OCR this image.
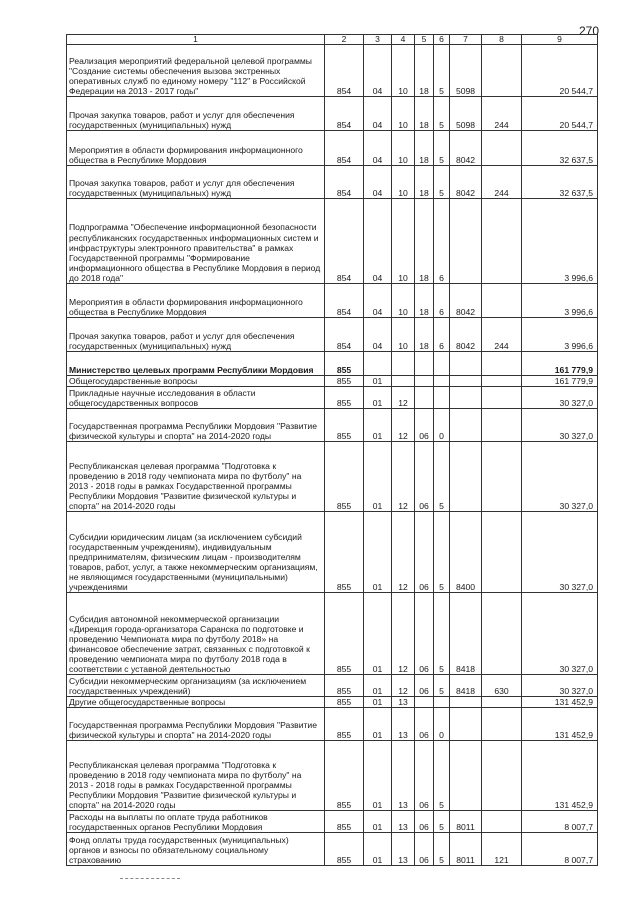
270
1	2	3	4	5	6	7	8	9
Реализация мероприятий федеральной целевой программы "Создание системы обеспечения вызова экстренных оперативных служб по единому номеру "112" в Российской Федерации на 2013 - 2017 годы"	854	04	10	18	5	5098		20 544,7
Прочая закупка товаров, работ и услуг для обеспечения государственных (муниципальных) нужд	854	04	10	18	5	5098	244	20 544,7
Мероприятия в области формирования информационного общества в Республике Мордовия	854	04	10	18	5	8042		32 637,5
Прочая закупка товаров, работ и услуг для обеспечения государственных (муниципальных) нужд	854	04	10	18	5	8042	244	32 637,5
Подпрограмма "Обеспечение информационной безопасности республиканских государственных информационных систем и инфраструктуры электронного правительства" в рамках Государственной программы "Формирование информационного общества в Республике Мордовия в период до 2018 года"	854	04	10	18	6			3 996,6
Мероприятия в области формирования информационного общества в Республике Мордовия	854	04	10	18	6	8042		3 996,6
Прочая закупка товаров, работ и услуг для обеспечения государственных (муниципальных) нужд	854	04	10	18	6	8042	244	3 996,6
Министерство целевых программ Республики Мордовия	855							161 779,9
Общегосударственные вопросы	855	01						161 779,9
Прикладные научные исследования в области общегосударственных вопросов	855	01	12					30 327,0
Государственная программа Республики Мордовия "Развитие физической культуры и спорта" на 2014-2020 годы	855	01	12	06	0			30 327,0
Республиканская целевая программа "Подготовка к проведению в 2018 году чемпионата мира по футболу" на 2013 - 2018 годы в рамках Государственной программы Республики Мордовия "Развитие физической культуры и спорта" на 2014-2020 годы	855	01	12	06	5			30 327,0
Субсидии юридическим лицам (за исключением субсидий государственным учреждениям), индивидуальным предпринимателям, физическим лицам - производителям товаров, работ, услуг, а также некоммерческим организациям, не являющимся государственными (муниципальными) учреждениями	855	01	12	06	5	8400		30 327,0
Субсидия автономной некоммерческой организации «Дирекция города-организатора Саранска по подготовке и проведению Чемпионата мира по футболу 2018» на финансовое обеспечение затрат, связанных с подготовкой к проведению чемпионата мира по футболу 2018 года в соответствии с уставной деятельностью	855	01	12	06	5	8418		30 327,0
Субсидии некоммерческим организациям (за исключением государственных учреждений)	855	01	12	06	5	8418	630	30 327,0
Другие общегосударственные вопросы	855	01	13					131 452,9
Государственная программа Республики Мордовия "Развитие физической культуры и спорта" на 2014-2020 годы	855	01	13	06	0			131 452,9
Республиканская целевая программа "Подготовка к проведению в 2018 году чемпионата мира по футболу" на 2013 - 2018 годы в рамках Государственной программы Республики Мордовия "Развитие физической культуры и спорта" на 2014-2020 годы	855	01	13	06	5			131 452,9
Расходы на выплаты по оплате труда работников государственных органов Республики Мордовия	855	01	13	06	5	8011		8 007,7
Фонд оплаты труда государственных (муниципальных) органов и взносы по обязательному социальному страхованию	855	01	13	06	5	8011	121	8 007,7
